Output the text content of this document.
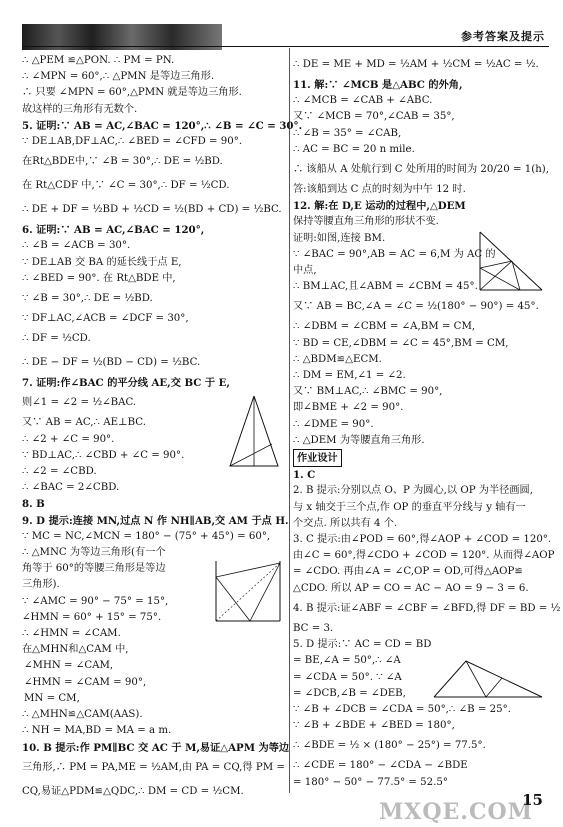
参考答案及提示
∴ △PEM ≌△PON. ∴ PM = PN.
∴ ∠MPN = 60°,∴ △PMN 是等边三角形.
∴ 只要 ∠MPN = 60°,△PMN 就是等边三角形.
故这样的三角形有无数个.
5. 证明:∵ AB = AC,∠BAC = 120°,∴ ∠B = ∠C = 30°.
∵ DE⊥AB,DF⊥AC,∴ ∠BED = ∠CFD = 90°.
在Rt△BDE中,∵ ∠B = 30°,∴ DE = ½BD.
在 Rt△CDF 中,∵ ∠C = 30°,∴ DF = ½CD.
∴ DE + DF = ½BD + ½CD = ½(BD + CD) = ½BC.
6. 证明:∵ AB = AC,∠BAC = 120°,
∴ ∠B = ∠ACB = 30°.
∵ DE⊥AB 交 BA 的延长线于点 E,
∴ ∠BED = 90°. 在 Rt△BDE 中,
∵ ∠B = 30°,∴ DE = ½BD.
∵ DF⊥AC,∠ACB = ∠DCF = 30°,
∴ DF = ½CD.
∴ DE − DF = ½(BD − CD) = ½BC.
7. 证明:作∠BAC 的平分线 AE,交 BC 于 E,
则∠1 = ∠2 = ½∠BAC.
又∵ AB = AC,∴ AE⊥BC.
∴ ∠2 + ∠C = 90°.
∵ BD⊥AC,∴ ∠CBD + ∠C = 90°.
∴ ∠2 = ∠CBD.
∴ ∠BAC = 2∠CBD.
8. B
9. D 提示:连接 MN,过点 N 作 NH∥AB,交 AM 于点 H.
∵ MC = NC,∠MCN = 180° − (75° + 45°) = 60°,
∴ △MNC 为等边三角形(有一个
角等于 60°的等腰三角形是等边
三角形).
∵ ∠AMC = 90° − 75° = 15°,
∠HMN = 60° + 15° = 75°.
∴ ∠HMN = ∠CAM.
在△MHN和△CAM 中,
∠MHN = ∠CAM,
∠HMN = ∠CAM = 90°,
MN = CM,
∴ △MHN≌△CAM(AAS).
∴ NH = MA,BD = MA = a m.
10. B 提示:作 PM∥BC 交 AC 于 M,易证△APM 为等边
三角形,∴ PM = PA,ME = ½AM,由 PA = CQ,得 PM =
CQ,易证△PDM≌△QDC,∴ DM = CD = ½CM.
∴ DE = ME + MD = ½AM + ½CM = ½AC = ½.
11. 解:∵ ∠MCB 是△ABC 的外角,
∴ ∠MCB = ∠CAB + ∠ABC.
又∵ ∠MCB = 70°,∠CAB = 35°,
∴ ∠B = 35° = ∠CAB,
∴ AC = BC = 20 n mile.
∴ 该船从 A 处航行到 C 处所用的时间为 20/20 = 1(h),
答:该船到达 C 点的时刻为中午 12 时.
12. 解:在 D,E 运动的过程中,△DEM
保持等腰直角三角形的形状不变.
证明:如图,连接 BM.
∵ ∠BAC = 90°,AB = AC = 6,M 为 AC 的
中点,
∴ BM⊥AC,且∠ABM = ∠CBM = 45°.
又∵ AB = BC,∠A = ∠C = ½(180° − 90°) = 45°.
∴ ∠DBM = ∠CBM = ∠A,BM = CM,
∵ BD = CE,∠DBM = ∠C = 45°,BM = CM,
∴ △BDM≌△ECM.
∴ DM = EM,∠1 = ∠2.
又∵ BM⊥AC,∴ ∠BMC = 90°,
即∠BME + ∠2 = 90°.
∴ ∠DME = 90°.
∴ △DEM 为等腰直角三角形.
作业设计
1. C
2. B 提示:分别以点 O、P 为圆心,以 OP 为半径画圆,
与 x 轴交于三个点,作 OP 的垂直平分线与 y 轴有一
个交点. 所以共有 4 个.
3. C 提示:由∠POD = 60°,得∠AOP + ∠COD = 120°.
由∠C = 60°,得∠CDO + ∠COD = 120°. 从而得∠AOP
= ∠CDO. 再由∠A = ∠C,OP = OD,可得△AOP≌
△CDO. 所以 AP = CO = AC − AO = 9 − 3 = 6.
4. B 提示:证∠ABF = ∠CBF = ∠BFD,得 DF = BD = ½
BC = 3.
5. D 提示:∵ AC = CD = BD
= BE,∠A = 50°,∴ ∠A
= ∠CDA = 50°. ∵ ∠A
= ∠DCB,∠B = ∠DEB,
∵ ∠B + ∠DCB = ∠CDA = 50°,∴ ∠B = 25°.
∵ ∠B + ∠BDE + ∠BED = 180°,
∴ ∠BDE = ½ × (180° − 25°) = 77.5°.
∴ ∠CDE = 180° − ∠CDA − ∠BDE
= 180° − 50° − 77.5° = 52.5°
MXQE.COM
15
